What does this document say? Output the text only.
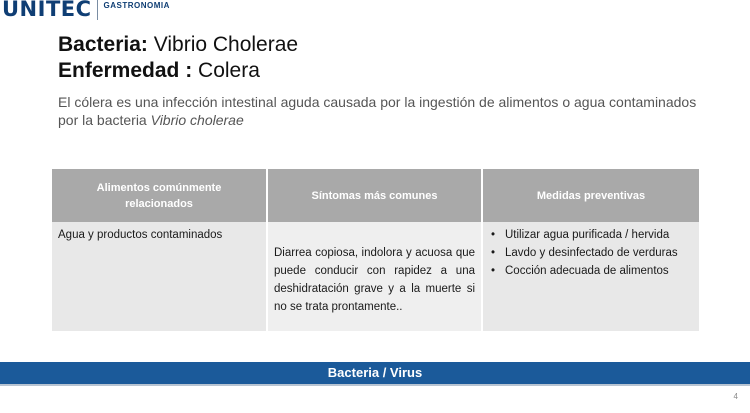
UNITEC GASTRONOMIA
Bacteria: Vibrio Cholerae
Enfermedad : Colera
El cólera es una infección intestinal aguda causada por la ingestión de alimentos o agua contaminados por la bacteria Vibrio cholerae
Alimentos comúnmente
relacionados
Síntomas más comunes	Medidas preventivas
Agua y productos contaminados
Diarrea copiosa, indolora y acuosa que puede conducir con rapidez a una deshidratación grave y a la muerte si no se trata prontamente..
• Utilizar agua purificada / hervida
• Lavdo y desinfectado de verduras
• Cocción adecuada de alimentos
Bacteria / Virus
4
